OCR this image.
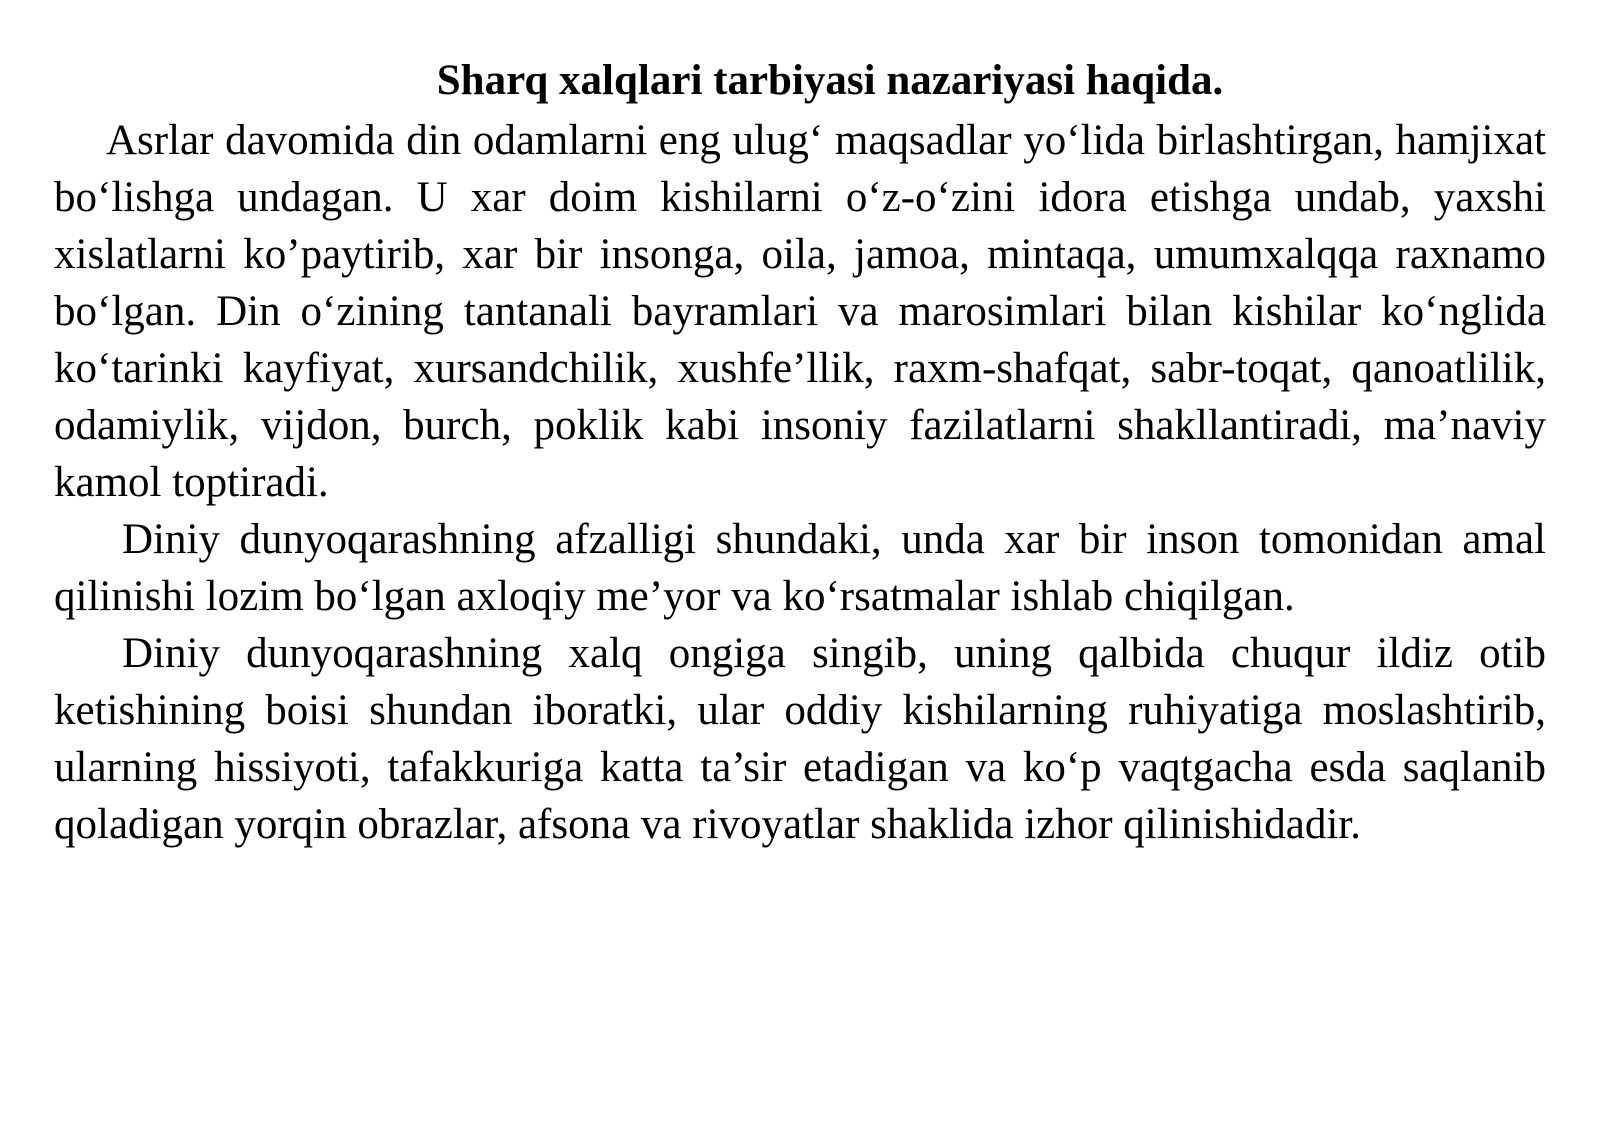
Sharq xalqlari tarbiyasi nazariyasi haqida.

Asrlar davomida din odamlarni eng ulug‘ maqsadlar yo‘lida birlashtirgan, hamjixat bo‘lishga undagan. U xar doim kishilarni o‘z-o‘zini idora etishga undab, yaxshi xislatlarni ko’paytirib, xar bir insonga, oila, jamoa, mintaqa, umumxalqqa raxnamo bo‘lgan. Din o‘zining tantanali bayramlari va marosimlari bilan kishilar ko‘nglida ko‘tarinki kayfiyat, xursandchilik, xushfe’llik, raxm-shafqat, sabr-toqat, qanoatlilik, odamiylik, vijdon, burch, poklik kabi insoniy fazilatlarni shakllantiradi, ma’naviy kamol toptiradi.

Diniy dunyoqarashning afzalligi shundaki, unda xar bir inson tomonidan amal qilinishi lozim bo‘lgan axloqiy me’yor va ko‘rsatmalar ishlab chiqilgan.

Diniy dunyoqarashning xalq ongiga singib, uning qalbida chuqur ildiz otib ketishining boisi shundan iboratki, ular oddiy kishilarning ruhiyatiga moslashtirib, ularning hissiyoti, tafakkuriga katta ta’sir etadigan va ko‘p vaqtgacha esda saqlanib qoladigan yorqin obrazlar, afsona va rivoyatlar shaklida izhor qilinishidadir.
